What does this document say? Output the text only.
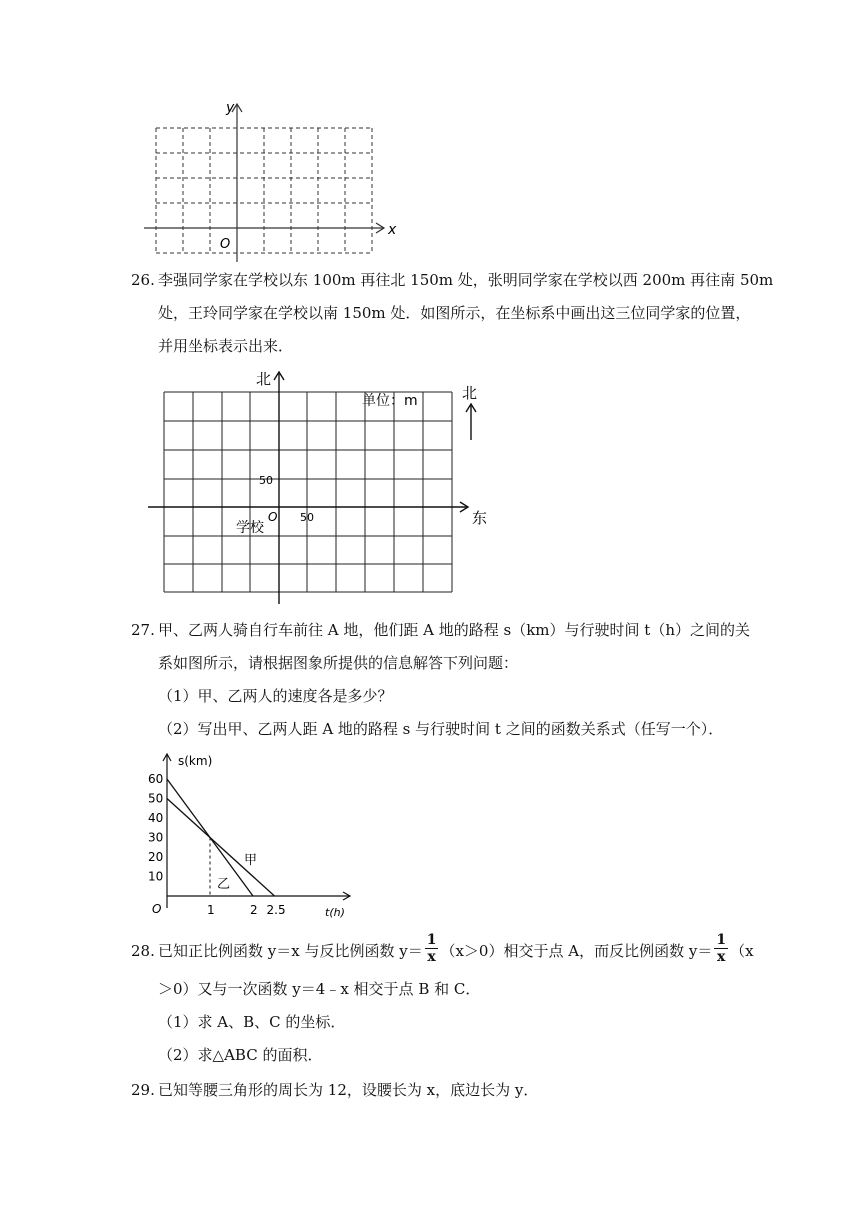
y
x
O
26. 李强同学家在学校以东 100m 再往北 150m 处，张明同学家在学校以西 200m 再往南 50m
处，王玲同学家在学校以南 150m 处．如图所示，在坐标系中画出这三位同学家的位置，
并用坐标表示出来．
北
东
北
单位：m
50
50
O
学校
27. 甲、乙两人骑自行车前往 A 地，他们距 A 地的路程 s（km）与行驶时间 t（h）之间的关
系如图所示，请根据图象所提供的信息解答下列问题：
（1）甲、乙两人的速度各是多少？
（2）写出甲、乙两人距 A 地的路程 s 与行驶时间 t 之间的函数关系式（任写一个）．
60
50
40
30
20
10
1	2 2.5
s(km)
t(h)
O
甲
乙
28. 已知正比例函数 y＝x 与反比例函数 $y= \frac{1}{x} (x>0)$相交于点 A，而反比例函数 $y= \frac{1}{x} (x$
＞0）又与一次函数 y＝4﹣x 相交于点 B 和 C．
（1）求 A、B、C 的坐标．
（2）求△ABC 的面积．
29. 已知等腰三角形的周长为 12，设腰长为 x，底边长为 y．
